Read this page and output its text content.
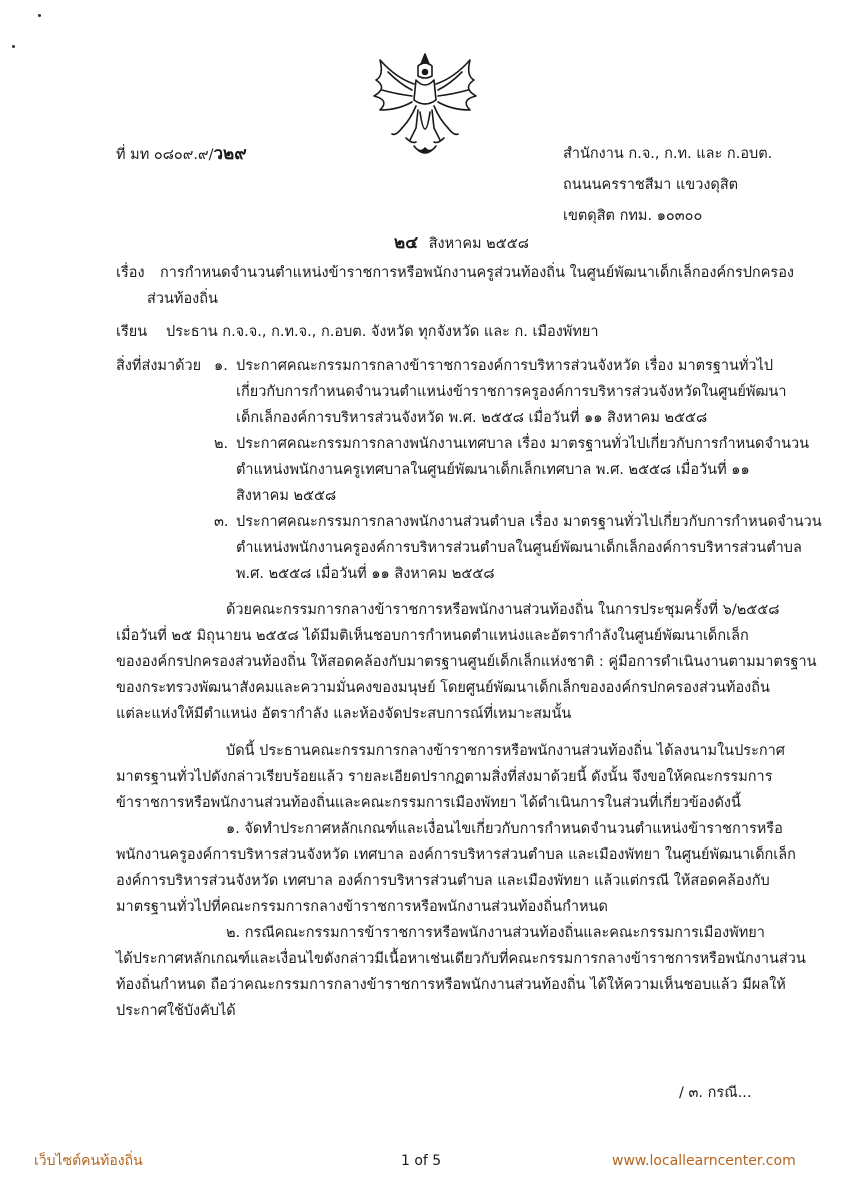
ที่ มท ๐๘๐๙.๙/ว๒๙	สำนักงาน ก.จ., ก.ท. และ ก.อบต.
ถนนนครราชสีมา แขวงดุสิต
เขตดุสิต กทม. ๑๐๓๐๐
๒๔ สิงหาคม ๒๕๕๘
เรื่อง การกำหนดจำนวนตำแหน่งข้าราชการหรือพนักงานครูส่วนท้องถิ่น ในศูนย์พัฒนาเด็กเล็กองค์กรปกครอง
ส่วนท้องถิ่น
เรียน ประธาน ก.จ.จ., ก.ท.จ., ก.อบต. จังหวัด ทุกจังหวัด และ ก. เมืองพัทยา
สิ่งที่ส่งมาด้วย ๑. ประกาศคณะกรรมการกลางข้าราชการองค์การบริหารส่วนจังหวัด เรื่อง มาตรฐานทั่วไป
เกี่ยวกับการกำหนดจำนวนตำแหน่งข้าราชการครูองค์การบริหารส่วนจังหวัดในศูนย์พัฒนา
เด็กเล็กองค์การบริหารส่วนจังหวัด พ.ศ. ๒๕๕๘ เมื่อวันที่ ๑๑ สิงหาคม ๒๕๕๘
๒. ประกาศคณะกรรมการกลางพนักงานเทศบาล เรื่อง มาตรฐานทั่วไปเกี่ยวกับการกำหนดจำนวน
ตำแหน่งพนักงานครูเทศบาลในศูนย์พัฒนาเด็กเล็กเทศบาล พ.ศ. ๒๕๕๘ เมื่อวันที่ ๑๑
สิงหาคม ๒๕๕๘
๓. ประกาศคณะกรรมการกลางพนักงานส่วนตำบล เรื่อง มาตรฐานทั่วไปเกี่ยวกับการกำหนดจำนวน
ตำแหน่งพนักงานครูองค์การบริหารส่วนตำบลในศูนย์พัฒนาเด็กเล็กองค์การบริหารส่วนตำบล
พ.ศ. ๒๕๕๘ เมื่อวันที่ ๑๑ สิงหาคม ๒๕๕๘
ด้วยคณะกรรมการกลางข้าราชการหรือพนักงานส่วนท้องถิ่น ในการประชุมครั้งที่ ๖/๒๕๕๘
เมื่อวันที่ ๒๕ มิถุนายน ๒๕๕๘ ได้มีมติเห็นชอบการกำหนดตำแหน่งและอัตรากำลังในศูนย์พัฒนาเด็กเล็ก
ขององค์กรปกครองส่วนท้องถิ่น ให้สอดคล้องกับมาตรฐานศูนย์เด็กเล็กแห่งชาติ : คู่มือการดำเนินงานตามมาตรฐาน
ของกระทรวงพัฒนาสังคมและความมั่นคงของมนุษย์ โดยศูนย์พัฒนาเด็กเล็กขององค์กรปกครองส่วนท้องถิ่น
แต่ละแห่งให้มีตำแหน่ง อัตรากำลัง และห้องจัดประสบการณ์ที่เหมาะสมนั้น
บัดนี้ ประธานคณะกรรมการกลางข้าราชการหรือพนักงานส่วนท้องถิ่น ได้ลงนามในประกาศ
มาตรฐานทั่วไปดังกล่าวเรียบร้อยแล้ว รายละเอียดปรากฏตามสิ่งที่ส่งมาด้วยนี้ ดังนั้น จึงขอให้คณะกรรมการ
ข้าราชการหรือพนักงานส่วนท้องถิ่นและคณะกรรมการเมืองพัทยา ได้ดำเนินการในส่วนที่เกี่ยวข้องดังนี้
๑. จัดทำประกาศหลักเกณฑ์และเงื่อนไขเกี่ยวกับการกำหนดจำนวนตำแหน่งข้าราชการหรือ
พนักงานครูองค์การบริหารส่วนจังหวัด เทศบาล องค์การบริหารส่วนตำบล และเมืองพัทยา ในศูนย์พัฒนาเด็กเล็ก
องค์การบริหารส่วนจังหวัด เทศบาล องค์การบริหารส่วนตำบล และเมืองพัทยา แล้วแต่กรณี ให้สอดคล้องกับ
มาตรฐานทั่วไปที่คณะกรรมการกลางข้าราชการหรือพนักงานส่วนท้องถิ่นกำหนด
๒. กรณีคณะกรรมการข้าราชการหรือพนักงานส่วนท้องถิ่นและคณะกรรมการเมืองพัทยา
ได้ประกาศหลักเกณฑ์และเงื่อนไขดังกล่าวมีเนื้อหาเช่นเดียวกับที่คณะกรรมการกลางข้าราชการหรือพนักงานส่วน
ท้องถิ่นกำหนด ถือว่าคณะกรรมการกลางข้าราชการหรือพนักงานส่วนท้องถิ่น ได้ให้ความเห็นชอบแล้ว มีผลให้
ประกาศใช้บังคับได้
/ ๓. กรณี...
เว็บไซต์คนท้องถิ่น	1 of 5	www.locallearncenter.com
